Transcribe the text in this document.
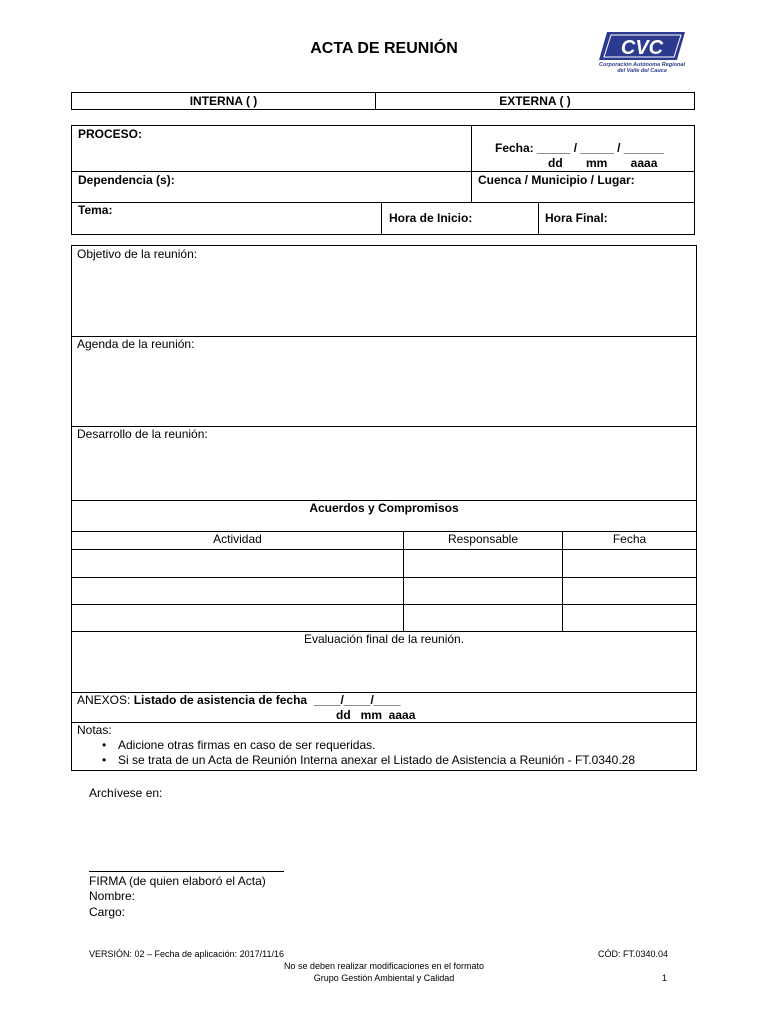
ACTA DE REUNIÓN	CVC
Corporación Autónoma Regional del Valle del Cauca
INTERNA ( )	EXTERNA ( )
PROCESO:
Fecha: _____ / _____ / ______
dd       mm       aaaa
Dependencia (s):	Cuenca / Municipio / Lugar:
Tema:
Hora de Inicio:	Hora Final:
Objetivo de la reunión:
Agenda de la reunión:
Desarrollo de la reunión:
Acuerdos y Compromisos
Actividad	Responsable	Fecha
Evaluación final de la reunión.
ANEXOS: Listado de asistencia de fecha  ____/____/____
dd   mm  aaaa
Notas:
• Adicione otras firmas en caso de ser requeridas.
• Si se trata de un Acta de Reunión Interna anexar el Listado de Asistencia a Reunión - FT.0340.28
Archívese en:
FIRMA (de quien elaboró el Acta)
Nombre:
Cargo:
VERSIÓN: 02 – Fecha de aplicación: 2017/11/16	CÓD: FT.0340.04
No se deben realizar modificaciones en el formato
Grupo Gestión Ambiental y Calidad	1
